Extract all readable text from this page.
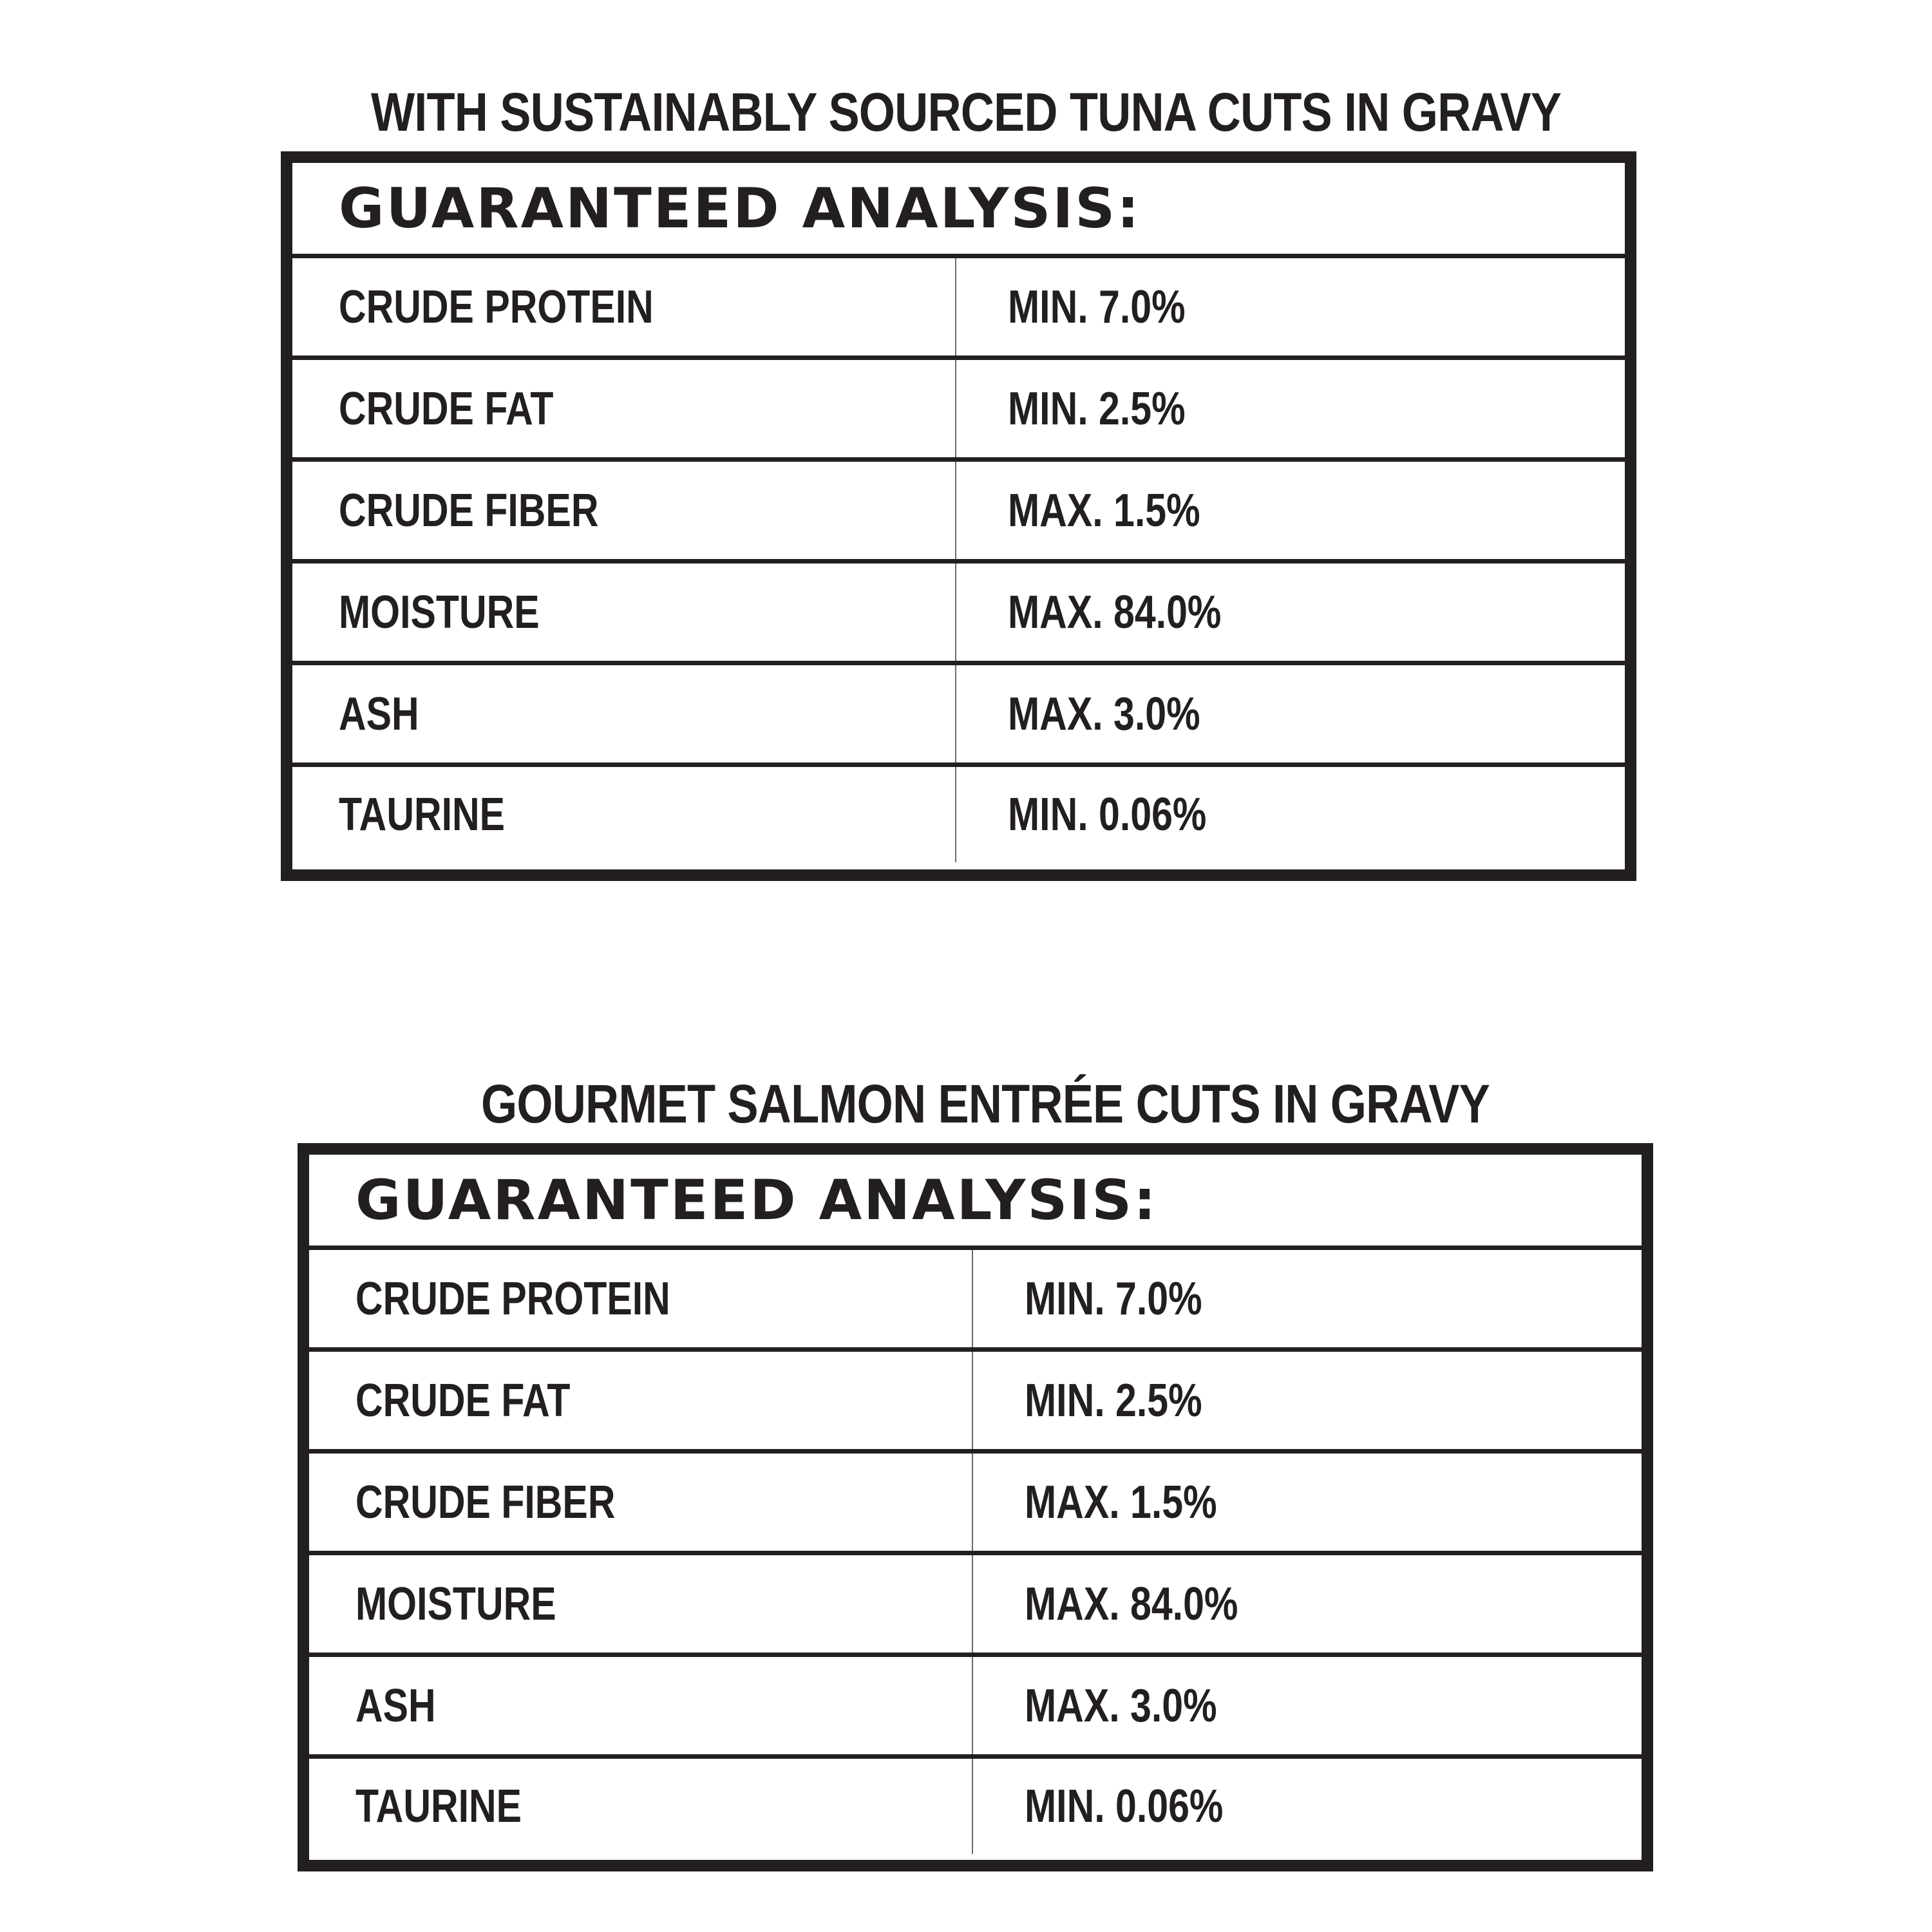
WITH SUSTAINABLY SOURCED TUNA CUTS IN GRAVY
GUARANTEED ANALYSIS:
CRUDE PROTEIN	MIN. 7.0%
CRUDE FAT	MIN. 2.5%
CRUDE FIBER	MAX. 1.5%
MOISTURE	MAX. 84.0%
ASH	MAX. 3.0%
TAURINE	MIN. 0.06%
GOURMET SALMON ENTRÉE CUTS IN GRAVY
GUARANTEED ANALYSIS:
CRUDE PROTEIN	MIN. 7.0%
CRUDE FAT	MIN. 2.5%
CRUDE FIBER	MAX. 1.5%
MOISTURE	MAX. 84.0%
ASH	MAX. 3.0%
TAURINE	MIN. 0.06%
